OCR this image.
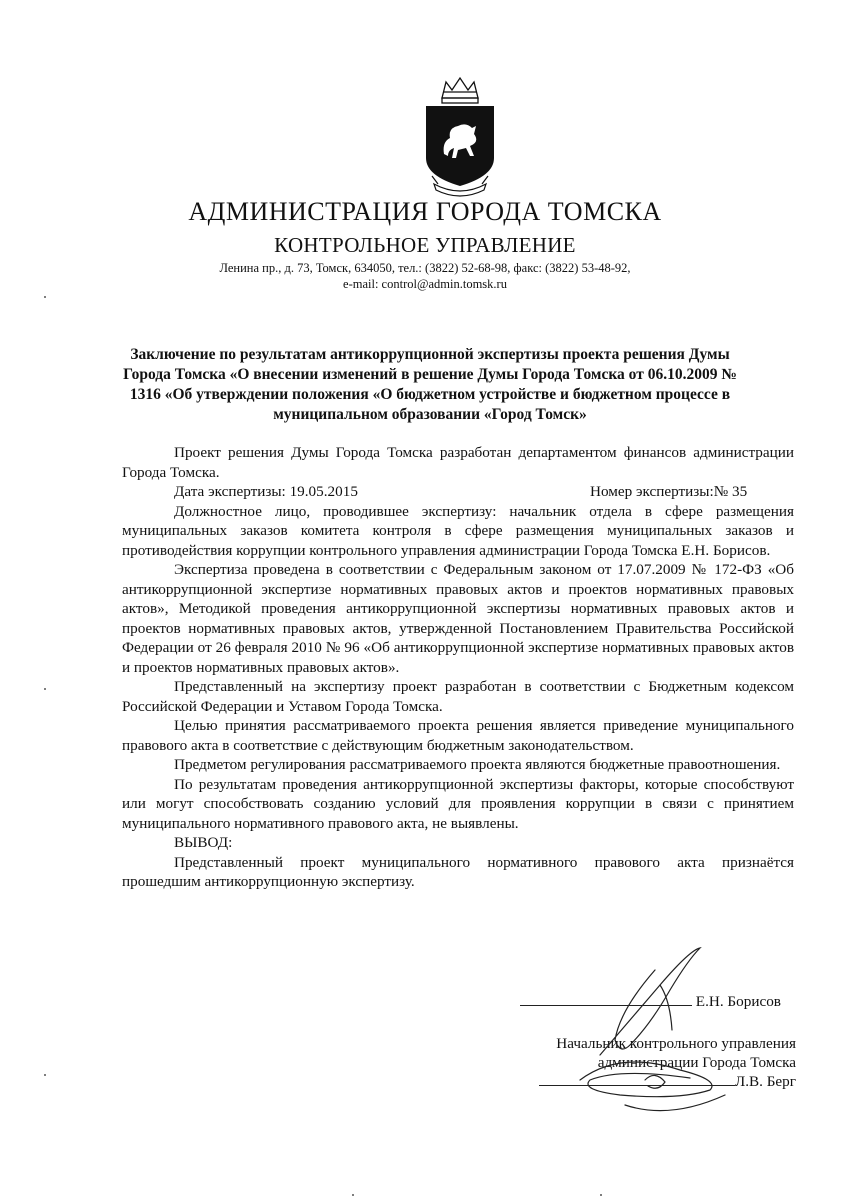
АДМИНИСТРАЦИЯ ГОРОДА ТОМСКА
КОНТРОЛЬНОЕ УПРАВЛЕНИЕ
Ленина пр., д. 73, Томск, 634050, тел.: (3822) 52-68-98, факс: (3822) 53-48-92,
e-mail: control@admin.tomsk.ru
Заключение по результатам антикоррупционной экспертизы проекта решения Думы Города Томска «О внесении изменений в решение Думы Города Томска от 06.10.2009 № 1316 «Об утверждении положения «О бюджетном устройстве и бюджетном процессе в муниципальном образовании «Город Томск»

Проект решения Думы Города Томска разработан департаментом финансов администрации Города Томска.

Дата экспертизы: 19.05.2015	Номер экспертизы:№ 35

Должностное лицо, проводившее экспертизу: начальник отдела в сфере размещения муниципальных заказов комитета контроля в сфере размещения муниципальных заказов и противодействия коррупции контрольного управления администрации Города Томска Е.Н. Борисов.

Экспертиза проведена в соответствии с Федеральным законом от 17.07.2009 № 172-ФЗ «Об антикоррупционной экспертизе нормативных правовых актов и проектов нормативных правовых актов», Методикой проведения антикоррупционной экспертизы нормативных правовых актов и проектов нормативных правовых актов, утвержденной Постановлением Правительства Российской Федерации от 26 февраля 2010 № 96 «Об антикоррупционной экспертизе нормативных правовых актов и проектов нормативных правовых актов».

Представленный на экспертизу проект разработан в соответствии с Бюджетным кодексом Российской Федерации и Уставом Города Томска.

Целью принятия рассматриваемого проекта решения является приведение муниципального правового акта в соответствие с действующим бюджетным законодательством.

Предметом регулирования рассматриваемого проекта являются бюджетные правоотношения.

По результатам проведения антикоррупционной экспертизы факторы, которые способствуют или могут способствовать созданию условий для проявления коррупции в связи с принятием муниципального нормативного правового акта, не выявлены.

ВЫВОД:

Представленный проект муниципального нормативного правового акта признаётся прошедшим антикоррупционную экспертизу.

Е.Н. Борисов
Начальник контрольного управления
администрации Города Томска
Л.В. Берг
